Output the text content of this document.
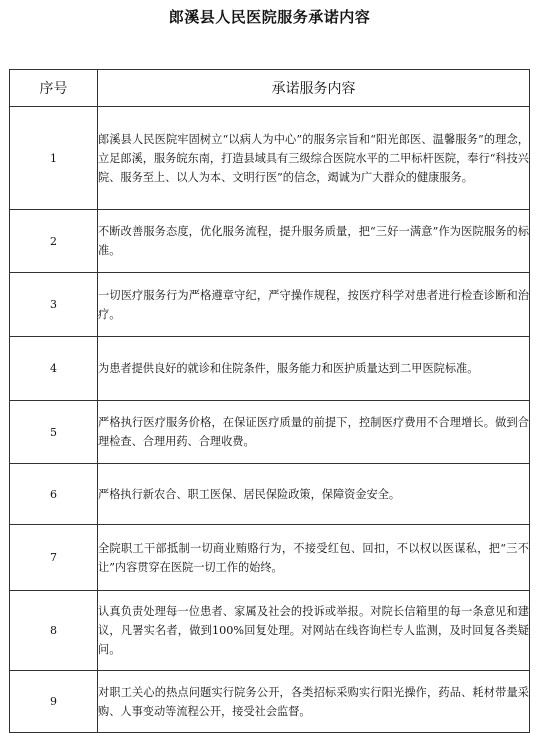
郎溪县人民医院服务承诺内容
序号	承诺服务内容
1	郎溪县人民医院牢固树立“以病人为中心”的服务宗旨和“阳光郎医、温馨服务”的理念，立足郎溪，服务皖东南，打造县域具有三级综合医院水平的二甲标杆医院，奉行“科技兴院、服务至上、以人为本、文明行医”的信念，竭诚为广大群众的健康服务。
2	不断改善服务态度，优化服务流程，提升服务质量，把“三好一满意”作为医院服务的标准。
3	一切医疗服务行为严格遵章守纪，严守操作规程，按医疗科学对患者进行检查诊断和治疗。
4	为患者提供良好的就诊和住院条件，服务能力和医护质量达到二甲医院标准。
5	严格执行医疗服务价格，在保证医疗质量的前提下，控制医疗费用不合理增长。做到合理检查、合理用药、合理收费。
6	严格执行新农合、职工医保、居民保险政策，保障资金安全。
7	全院职工干部抵制一切商业贿赂行为，不接受红包、回扣，不以权以医谋私，把“三不让”内容贯穿在医院一切工作的始终。
8	认真负责处理每一位患者、家属及社会的投诉或举报。对院长信箱里的每一条意见和建议，凡署实名者，做到100%回复处理。对网站在线咨询栏专人监测，及时回复各类疑问。
9	对职工关心的热点问题实行院务公开，各类招标采购实行阳光操作，药品、耗材带量采购、人事变动等流程公开，接受社会监督。
